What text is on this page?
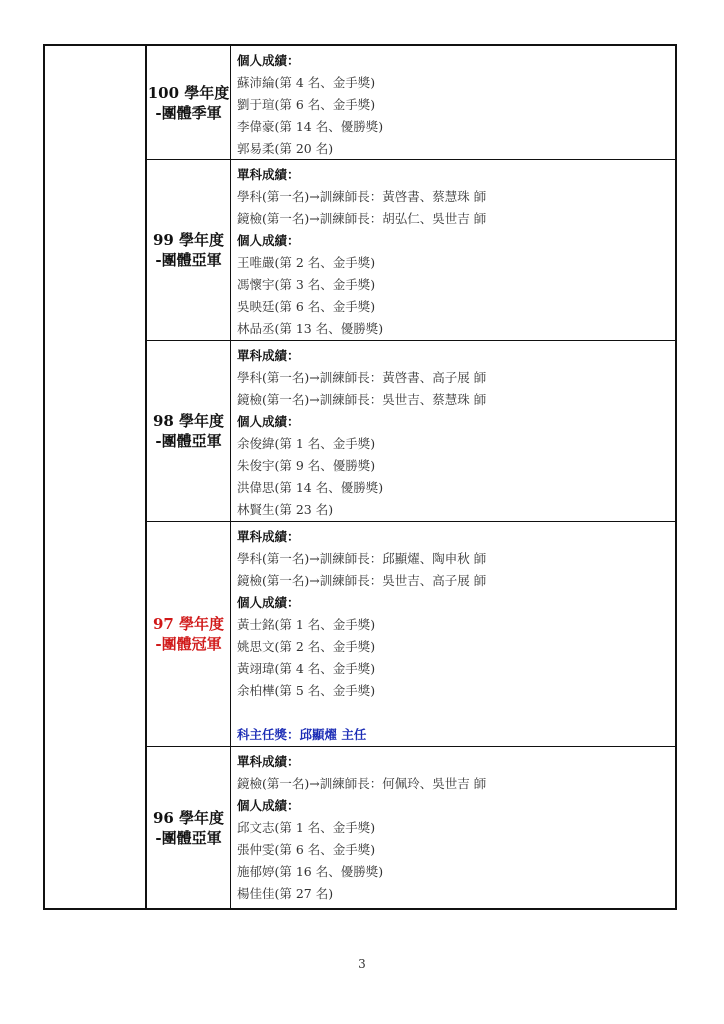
100 學年度
-團體季軍
個人成績：
蘇沛綸(第 4 名、金手獎)
劉于瑄(第 6 名、金手獎)
李偉豪(第 14 名、優勝獎)
郭易柔(第 20 名)
99 學年度
-團體亞軍
單科成績：
學科(第一名)→訓練師長：黃啓書、蔡慧珠 師
鏡檢(第一名)→訓練師長：胡弘仁、吳世吉 師
個人成績：
王唯嚴(第 2 名、金手獎)
馮懷宇(第 3 名、金手獎)
吳映廷(第 6 名、金手獎)
林品丞(第 13 名、優勝獎)
98 學年度
-團體亞軍
單科成績：
學科(第一名)→訓練師長：黃啓書、高子展 師
鏡檢(第一名)→訓練師長：吳世吉、蔡慧珠 師
個人成績：
余俊緯(第 1 名、金手獎)
朱俊宇(第 9 名、優勝獎)
洪偉思(第 14 名、優勝獎)
林賢生(第 23 名)
97 學年度
-團體冠軍
單科成績：
學科(第一名)→訓練師長：邱顯燿、陶申秋 師
鏡檢(第一名)→訓練師長：吳世吉、高子展 師
個人成績：
黃士銘(第 1 名、金手獎)
姚思文(第 2 名、金手獎)
黃翊瑋(第 4 名、金手獎)
余柏樺(第 5 名、金手獎)
科主任獎：邱顯燿 主任
96 學年度
-團體亞軍
單科成績：
鏡檢(第一名)→訓練師長：何佩玲、吳世吉 師
個人成績：
邱文志(第 1 名、金手獎)
張仲雯(第 6 名、金手獎)
施郁婷(第 16 名、優勝獎)
楊佳佳(第 27 名)
3
